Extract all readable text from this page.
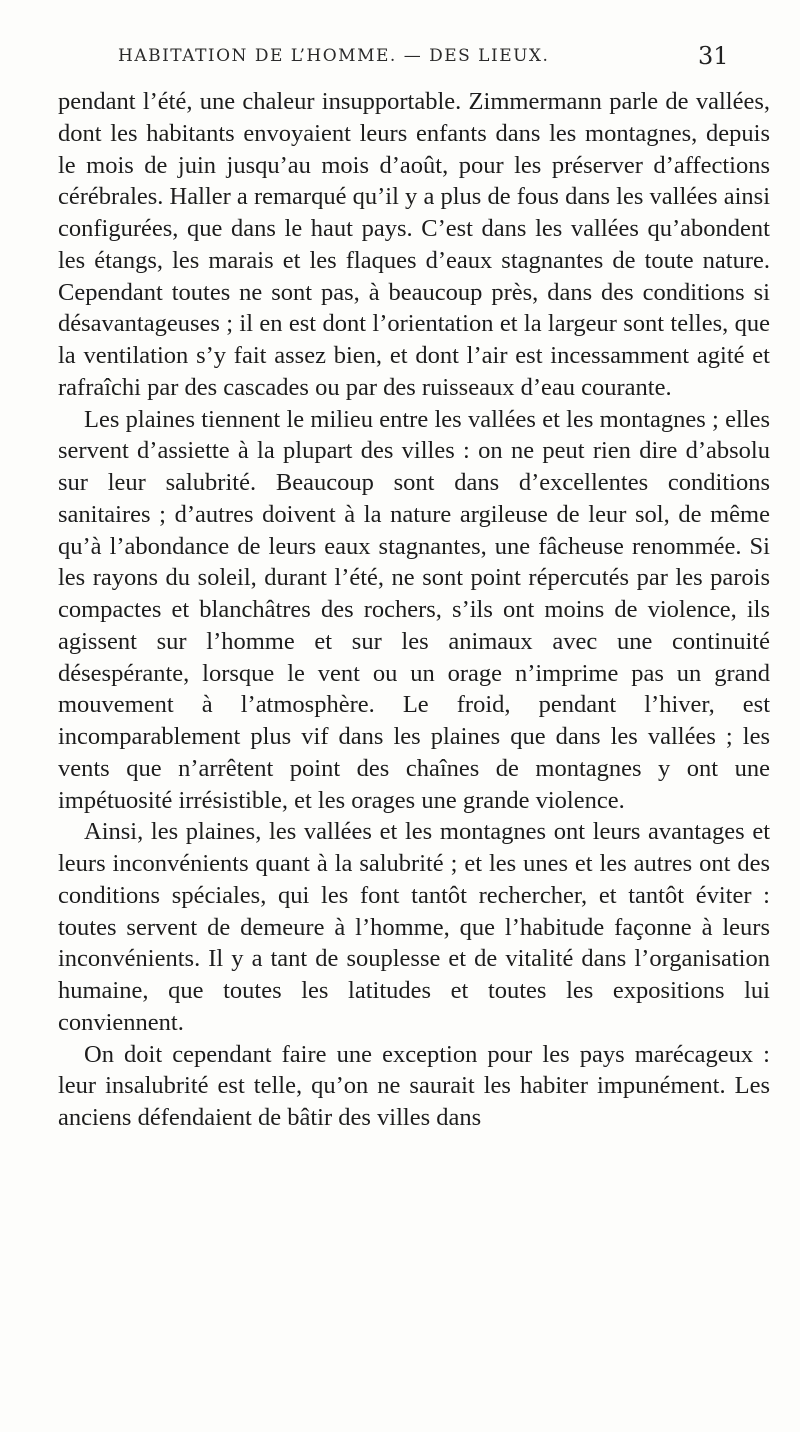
HABITATION DE L’HOMME. — DES LIEUX.	31

pendant l’été, une chaleur insupportable. Zimmermann parle de vallées, dont les habitants envoyaient leurs enfants dans les montagnes, depuis le mois de juin jusqu’au mois d’août, pour les préserver d’affections cérébrales. Haller a remarqué qu’il y a plus de fous dans les vallées ainsi configurées, que dans le haut pays. C’est dans les vallées qu’abondent les étangs, les marais et les flaques d’eaux stagnantes de toute nature. Cependant toutes ne sont pas, à beaucoup près, dans des conditions si désavantageuses ; il en est dont l’orientation et la largeur sont telles, que la ventilation s’y fait assez bien, et dont l’air est incessamment agité et rafraîchi par des cascades ou par des ruisseaux d’eau courante.

Les plaines tiennent le milieu entre les vallées et les montagnes ; elles servent d’assiette à la plupart des villes : on ne peut rien dire d’absolu sur leur salubrité. Beaucoup sont dans d’excellentes conditions sanitaires ; d’autres doivent à la nature argileuse de leur sol, de même qu’à l’abondance de leurs eaux stagnantes, une fâcheuse renommée. Si les rayons du soleil, durant l’été, ne sont point répercutés par les parois compactes et blanchâtres des rochers, s’ils ont moins de violence, ils agissent sur l’homme et sur les animaux avec une continuité désespérante, lorsque le vent ou un orage n’imprime pas un grand mouvement à l’atmosphère. Le froid, pendant l’hiver, est incomparablement plus vif dans les plaines que dans les vallées ; les vents que n’arrêtent point des chaînes de montagnes y ont une impétuosité irrésistible, et les orages une grande violence.

Ainsi, les plaines, les vallées et les montagnes ont leurs avantages et leurs inconvénients quant à la salubrité ; et les unes et les autres ont des conditions spéciales, qui les font tantôt rechercher, et tantôt éviter : toutes servent de demeure à l’homme, que l’habitude façonne à leurs inconvénients. Il y a tant de souplesse et de vitalité dans l’organisation humaine, que toutes les latitudes et toutes les expositions lui conviennent.

On doit cependant faire une exception pour les pays marécageux : leur insalubrité est telle, qu’on ne saurait les habiter impunément. Les anciens défendaient de bâtir des villes dans
